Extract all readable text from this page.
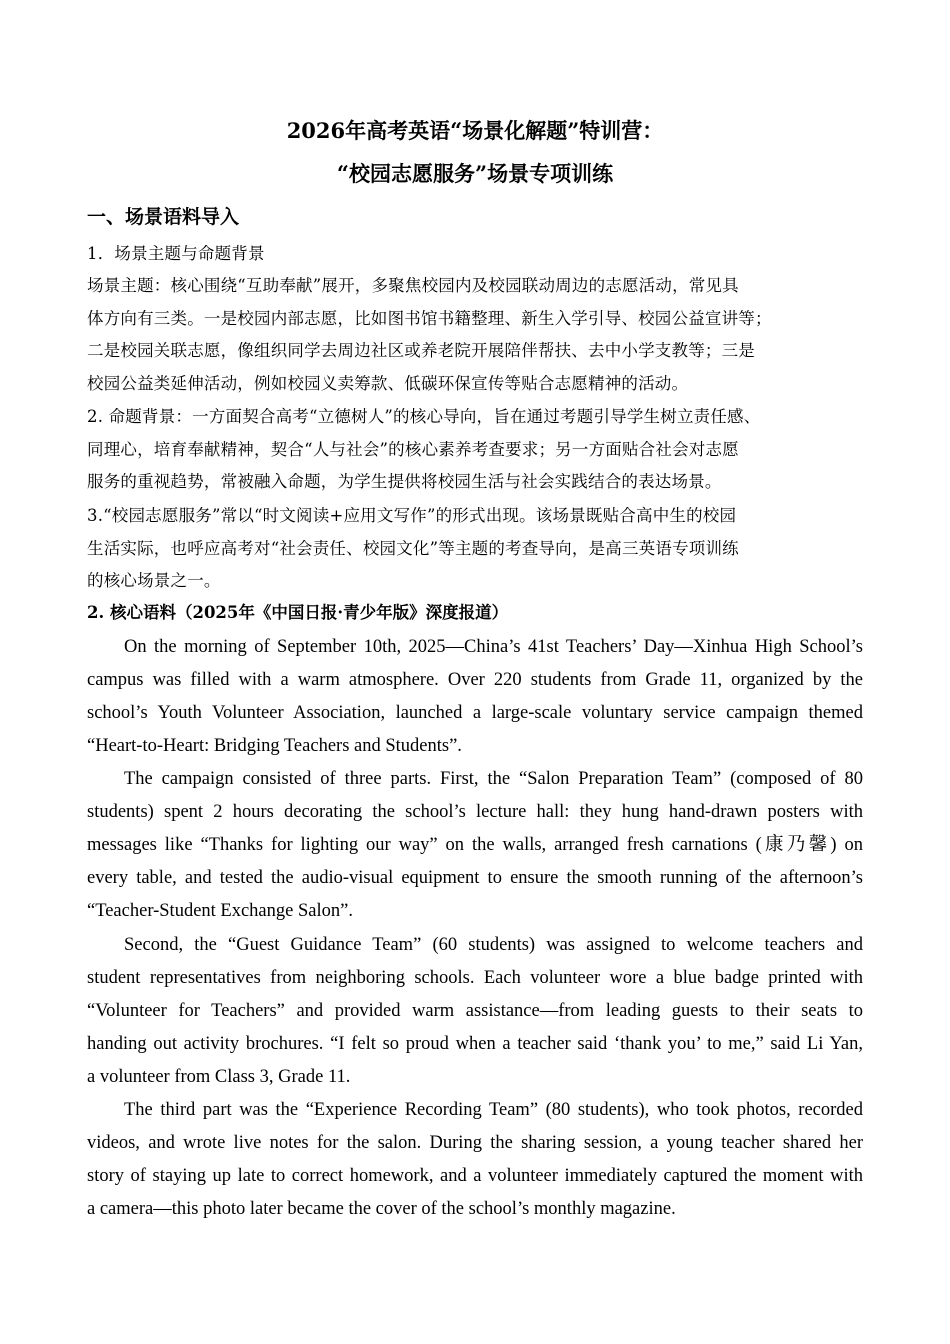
2026年高考英语“场景化解题”特训营：
“校园志愿服务”场景专项训练
一、场景语料导入
1．场景主题与命题背景
场景主题：核心围绕“互助奉献”展开，多聚焦校园内及校园联动周边的志愿活动，常见具
体方向有三类。一是校园内部志愿，比如图书馆书籍整理、新生入学引导、校园公益宣讲等；
二是校园关联志愿，像组织同学去周边社区或养老院开展陪伴帮扶、去中小学支教等；三是
校园公益类延伸活动，例如校园义卖筹款、低碳环保宣传等贴合志愿精神的活动。
2. 命题背景：一方面契合高考“立德树人”的核心导向，旨在通过考题引导学生树立责任感、
同理心，培育奉献精神，契合“人与社会”的核心素养考查要求；另一方面贴合社会对志愿
服务的重视趋势，常被融入命题，为学生提供将校园生活与社会实践结合的表达场景。
3.“校园志愿服务”常以“时文阅读+应用文写作”的形式出现。该场景既贴合高中生的校园
生活实际，也呼应高考对“社会责任、校园文化”等主题的考查导向，是高三英语专项训练
的核心场景之一。
2. 核心语料（2025年《中国日报·青少年版》深度报道）
On the morning of September 10th, 2025—China’s 41st Teachers’ Day—Xinhua High School’s
campus was filled with a warm atmosphere. Over 220 students from Grade 11, organized by the
school’s Youth Volunteer Association, launched a large-scale voluntary service campaign themed
“Heart-to-Heart: Bridging Teachers and Students”.
The campaign consisted of three parts. First, the “Salon Preparation Team” (composed of 80
students) spent 2 hours decorating the school’s lecture hall: they hung hand-drawn posters with
messages like “Thanks for lighting our way” on the walls, arranged fresh carnations (康乃馨) on
every table, and tested the audio-visual equipment to ensure the smooth running of the afternoon’s
“Teacher-Student Exchange Salon”.
Second, the “Guest Guidance Team” (60 students) was assigned to welcome teachers and
student representatives from neighboring schools. Each volunteer wore a blue badge printed with
“Volunteer for Teachers” and provided warm assistance—from leading guests to their seats to
handing out activity brochures. “I felt so proud when a teacher said ‘thank you’ to me,” said Li Yan,
a volunteer from Class 3, Grade 11.
The third part was the “Experience Recording Team” (80 students), who took photos, recorded
videos, and wrote live notes for the salon. During the sharing session, a young teacher shared her
story of staying up late to correct homework, and a volunteer immediately captured the moment with
a camera—this photo later became the cover of the school’s monthly magazine.
